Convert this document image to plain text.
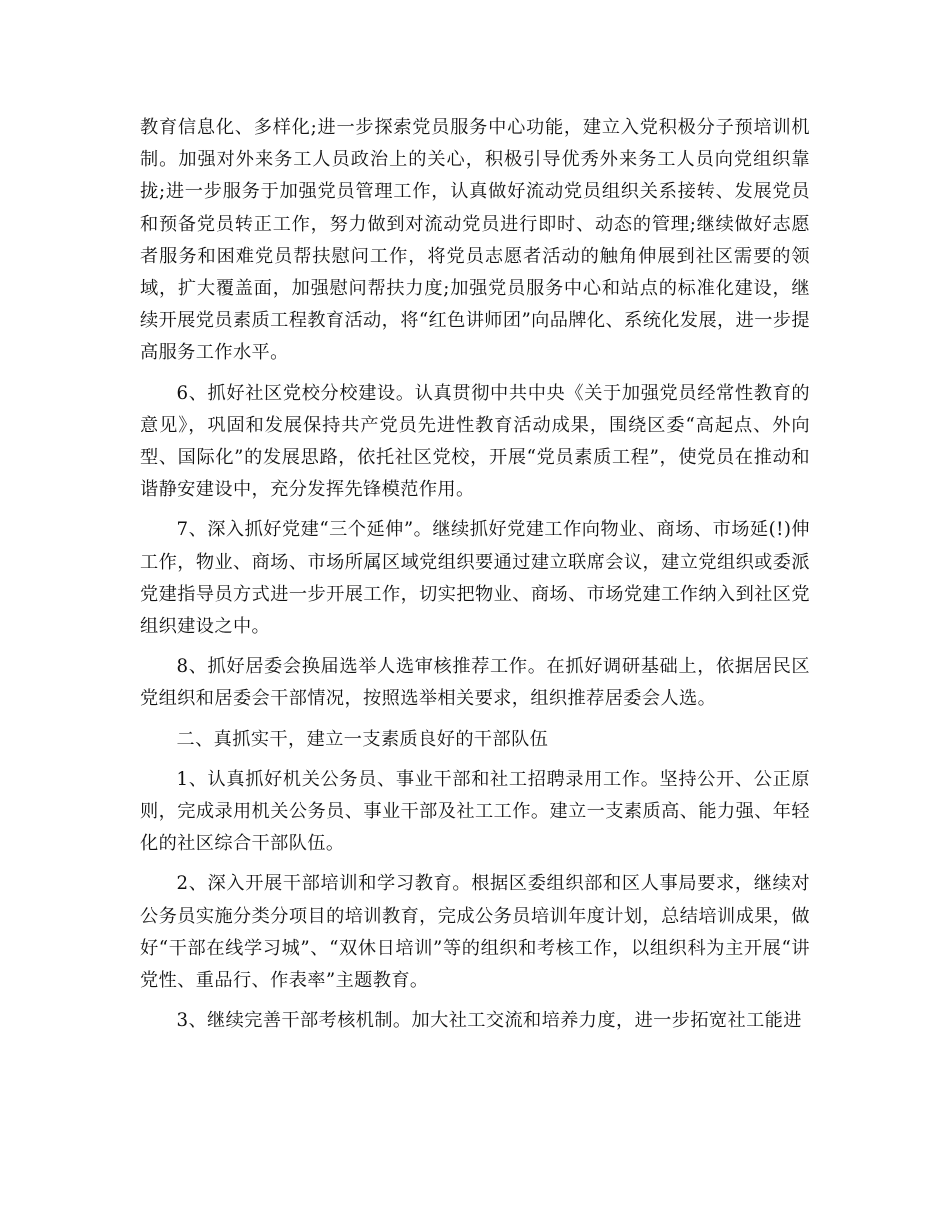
教育信息化、多样化;进一步探索党员服务中心功能，建立入党积极分子预培训机制。加强对外来务工人员政治上的关心，积极引导优秀外来务工人员向党组织靠拢;进一步服务于加强党员管理工作，认真做好流动党员组织关系接转、发展党员和预备党员转正工作，努力做到对流动党员进行即时、动态的管理;继续做好志愿者服务和困难党员帮扶慰问工作，将党员志愿者活动的触角伸展到社区需要的领域，扩大覆盖面，加强慰问帮扶力度;加强党员服务中心和站点的标准化建设，继续开展党员素质工程教育活动，将“红色讲师团”向品牌化、系统化发展，进一步提高服务工作水平。

6、抓好社区党校分校建设。认真贯彻中共中央《关于加强党员经常性教育的意见》，巩固和发展保持共产党员先进性教育活动成果，围绕区委“高起点、外向型、国际化”的发展思路，依托社区党校，开展“党员素质工程”，使党员在推动和谐静安建设中，充分发挥先锋模范作用。

7、深入抓好党建“三个延伸”。继续抓好党建工作向物业、商场、市场延(!)伸工作，物业、商场、市场所属区域党组织要通过建立联席会议，建立党组织或委派党建指导员方式进一步开展工作，切实把物业、商场、市场党建工作纳入到社区党组织建设之中。

8、抓好居委会换届选举人选审核推荐工作。在抓好调研基础上，依据居民区党组织和居委会干部情况，按照选举相关要求，组织推荐居委会人选。

二、真抓实干，建立一支素质良好的干部队伍

1、认真抓好机关公务员、事业干部和社工招聘录用工作。坚持公开、公正原则，完成录用机关公务员、事业干部及社工工作。建立一支素质高、能力强、年轻化的社区综合干部队伍。

2、深入开展干部培训和学习教育。根据区委组织部和区人事局要求，继续对公务员实施分类分项目的培训教育，完成公务员培训年度计划，总结培训成果，做好“干部在线学习城”、“双休日培训”等的组织和考核工作，以组织科为主开展“讲党性、重品行、作表率”主题教育。

3、继续完善干部考核机制。加大社工交流和培养力度，进一步拓宽社工能进
